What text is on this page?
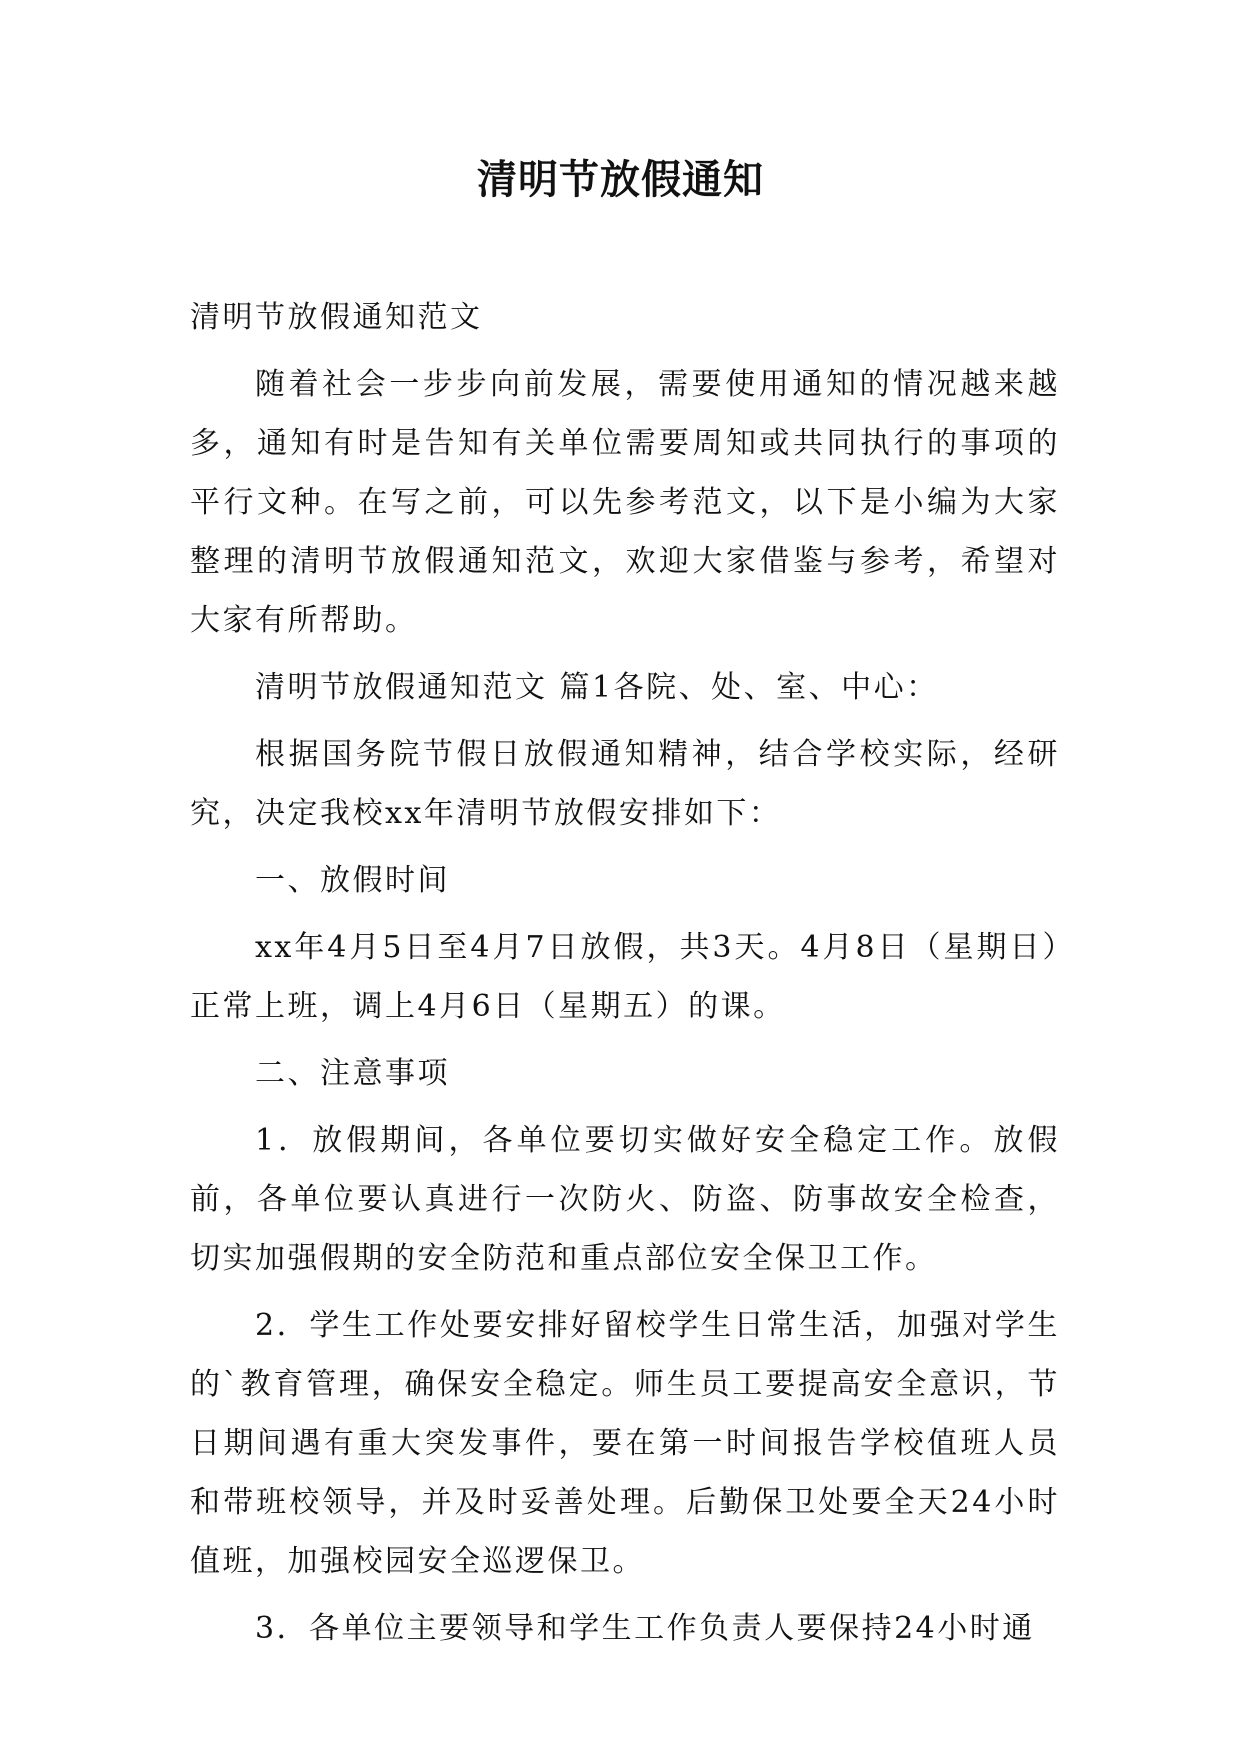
清明节放假通知

清明节放假通知范文

随着社会一步步向前发展，需要使用通知的情况越来越多，通知有时是告知有关单位需要周知或共同执行的事项的平行文种。在写之前，可以先参考范文，以下是小编为大家整理的清明节放假通知范文，欢迎大家借鉴与参考，希望对大家有所帮助。

清明节放假通知范文 篇1各院、处、室、中心：

根据国务院节假日放假通知精神，结合学校实际，经研究，决定我校xx年清明节放假安排如下：

一、放假时间

xx年4月5日至4月7日放假，共3天。4月8日（星期日）正常上班，调上4月6日（星期五）的课。

二、注意事项

1．放假期间，各单位要切实做好安全稳定工作。放假前，各单位要认真进行一次防火、防盗、防事故安全检查，切实加强假期的安全防范和重点部位安全保卫工作。

2．学生工作处要安排好留校学生日常生活，加强对学生的`教育管理，确保安全稳定。师生员工要提高安全意识，节日期间遇有重大突发事件，要在第一时间报告学校值班人员和带班校领导，并及时妥善处理。后勤保卫处要全天24小时值班，加强校园安全巡逻保卫。

3．各单位主要领导和学生工作负责人要保持24小时通
